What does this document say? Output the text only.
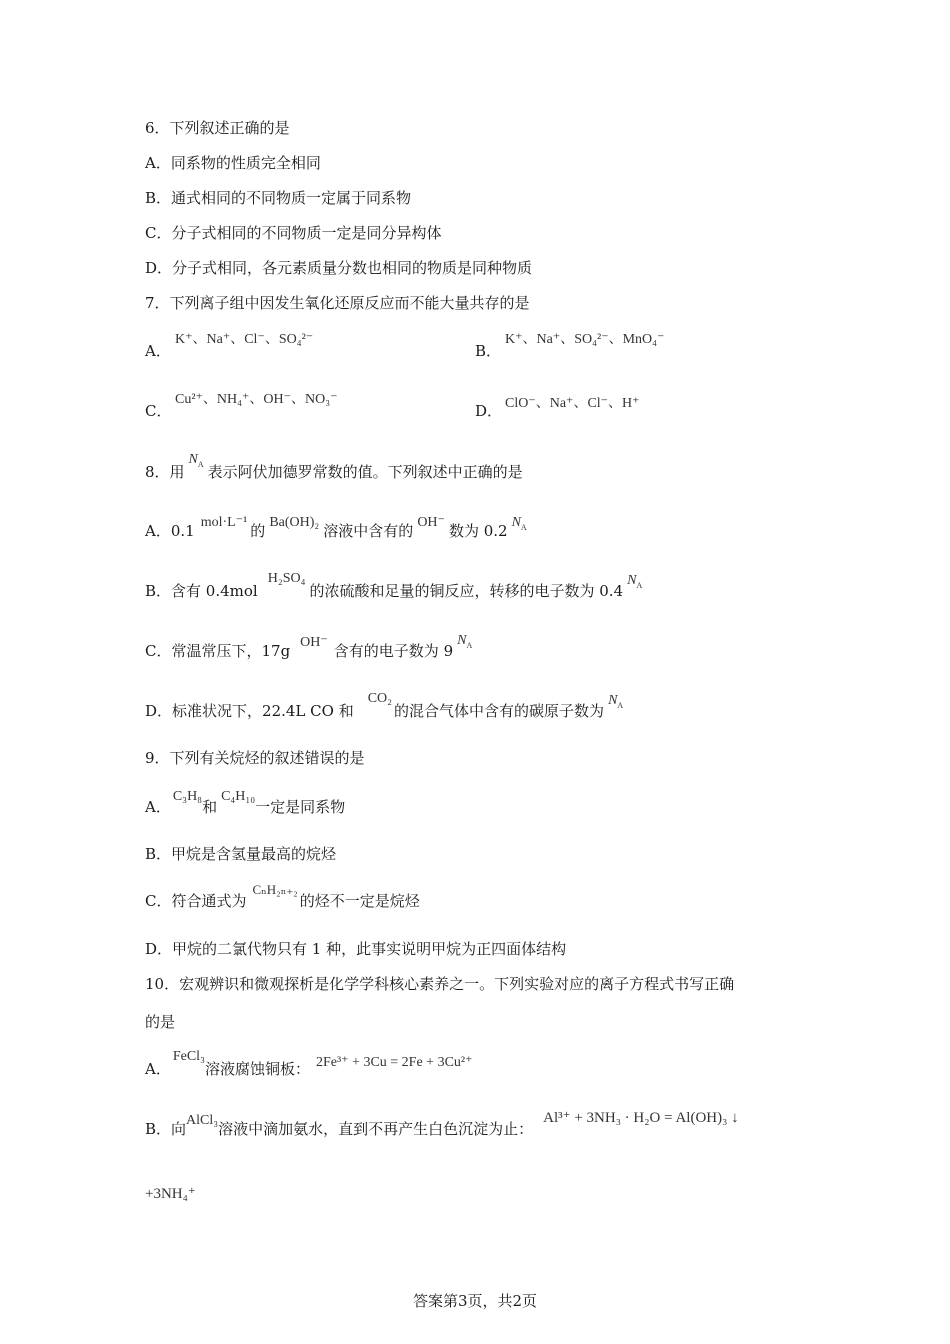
6．下列叙述正确的是
A．同系物的性质完全相同
B．通式相同的不同物质一定属于同系物
C．分子式相同的不同物质一定是同分异构体
D．分子式相同，各元素质量分数也相同的物质是同种物质
7．下列离子组中因发生氧化还原反应而不能大量共存的是
A．
K⁺、Na⁺、Cl⁻、SO₄²⁻
B．
K⁺、Na⁺、SO₄²⁻、MnO₄⁻
C．
Cu²⁺、NH₄⁺、OH⁻、NO₃⁻
D． ClO⁻、Na⁺、Cl⁻、H⁺
8．用$N_A$ 表示阿伏加德罗常数的值。下列叙述中正确的是
A．0.1 mol·L⁻¹ 的 Ba(OH)₂ 溶液中含有的 OH⁻ 数为 0.2 $N_A$
B．含有 0.4molH₂SO₄的浓硫酸和足量的铜反应，转移的电子数为 $0.4N_A$
C．常温常压下，17g OH⁻ 含有的电子数为 $9N_A$
D．标准状况下，22.4L CO 和CO₂的混合气体中含有的碳原子数为$N_A$
9．下列有关烷烃的叙述错误的是
A．C₃H₈和C₄H₁₀一定是同系物
B．甲烷是含氢量最高的烷烃
C．符合通式为CₙH₂ₙ₊₂的烃不一定是烷烃
D．甲烷的二氯代物只有 1 种，此事实说明甲烷为正四面体结构
10．宏观辨识和微观探析是化学学科核心素养之一。下列实验对应的离子方程式书写正确
的是
A．FeCl₃溶液腐蚀铜板： 2Fe³⁺ + 3Cu = 2Fe + 3Cu²⁺
B．向AlCl₃溶液中滴加氨水，直到不再产生白色沉淀为止：Al³⁺ + 3NH₃ · H₂O = Al(OH)₃ ↓
+3NH₄⁺
答案第3页，共2页
